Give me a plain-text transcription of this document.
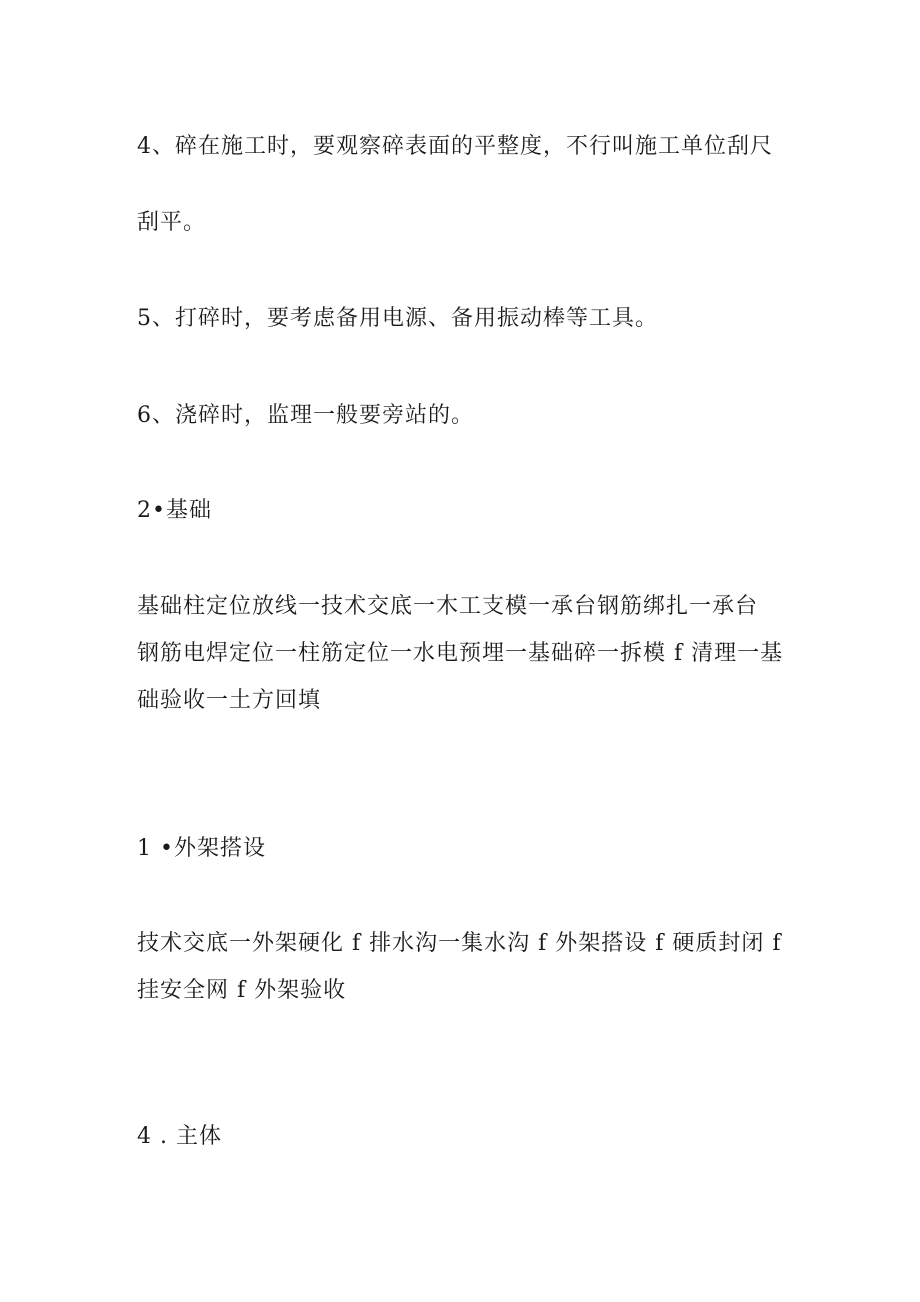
4、碎在施工时，要观察碎表面的平整度，不行叫施工单位刮尺
刮平。
5、打碎时，要考虑备用电源、备用振动棒等工具。
6、浇碎时，监理一般要旁站的。
2•基础
基础柱定位放线一技术交底一木工支模一承台钢筋绑扎一承台
钢筋电焊定位一柱筋定位一水电预埋一基础碎一拆模 f 清理一基
础验收一土方回填
1 •外架搭设
技术交底一外架硬化 f 排水沟一集水沟 f 外架搭设 f 硬质封闭 f
挂安全网 f 外架验收
4 . 主体
